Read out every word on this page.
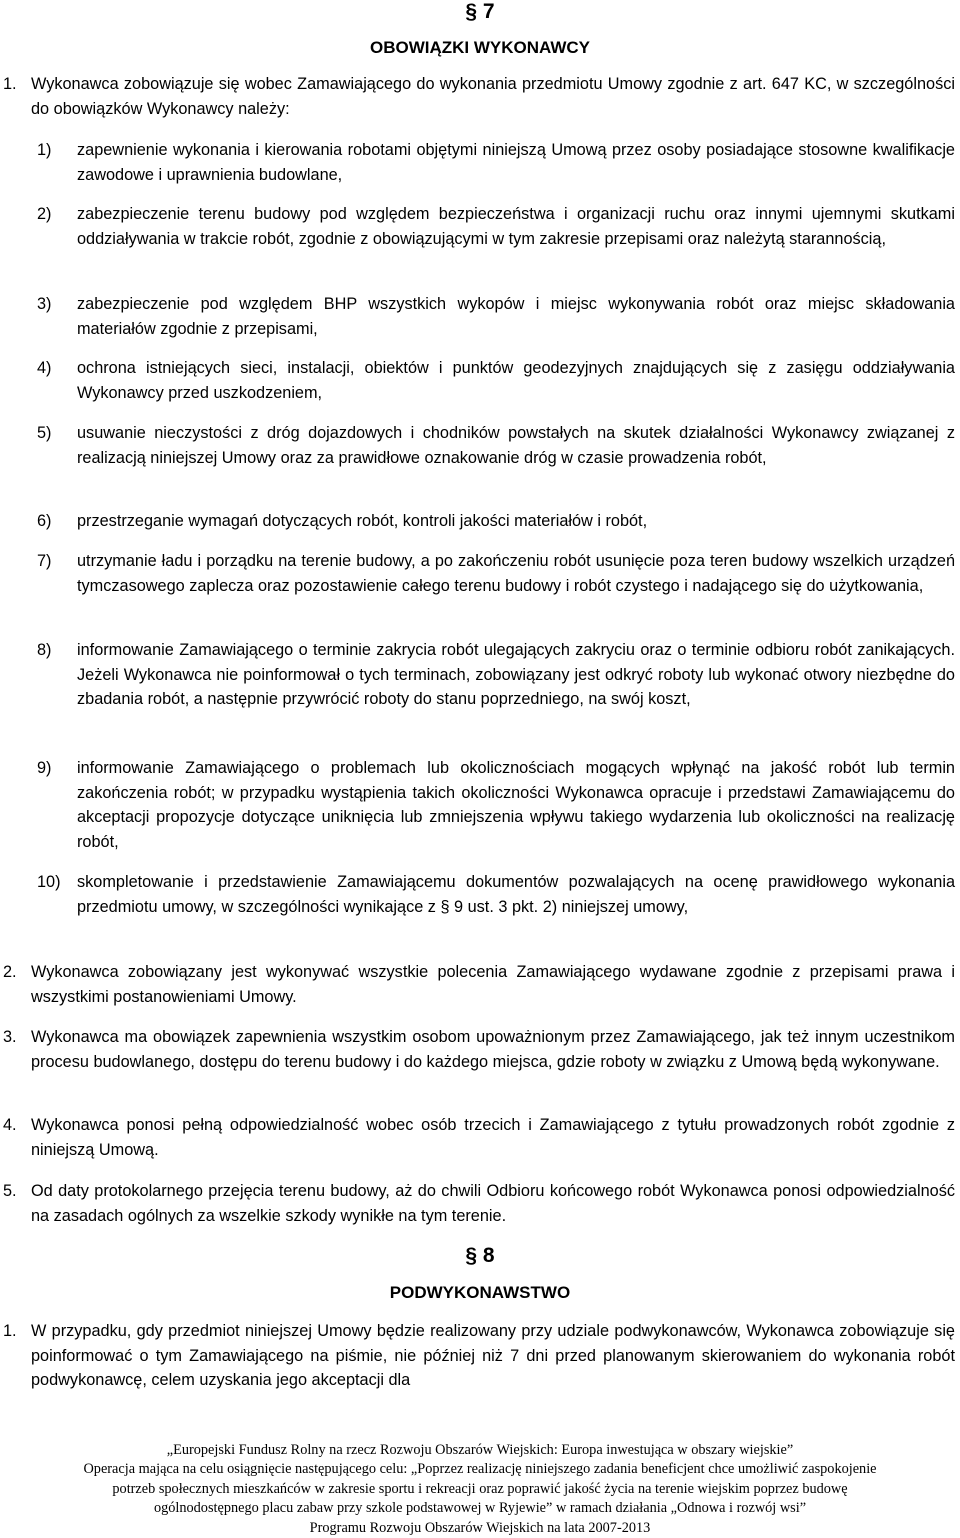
§ 7
OBOWIĄZKI WYKONAWCY
1. Wykonawca zobowiązuje się wobec Zamawiającego do wykonania przedmiotu Umowy zgodnie z art. 647 KC, w szczególności do obowiązków Wykonawcy należy:
1) zapewnienie wykonania i kierowania robotami objętymi niniejszą Umową przez osoby posiadające stosowne kwalifikacje zawodowe i uprawnienia budowlane,
2) zabezpieczenie terenu budowy pod względem bezpieczeństwa i organizacji ruchu oraz innymi ujemnymi skutkami oddziaływania w trakcie robót, zgodnie z obowiązującymi w tym zakresie przepisami oraz należytą starannością,
3) zabezpieczenie pod względem BHP wszystkich wykopów i miejsc wykonywania robót oraz miejsc składowania materiałów zgodnie z przepisami,
4) ochrona istniejących sieci, instalacji, obiektów i punktów geodezyjnych znajdujących się z zasięgu oddziaływania Wykonawcy przed uszkodzeniem,
5) usuwanie nieczystości z dróg dojazdowych i chodników powstałych na skutek działalności Wykonawcy związanej z realizacją niniejszej Umowy oraz za prawidłowe oznakowanie dróg w czasie prowadzenia robót,
6) przestrzeganie wymagań dotyczących robót, kontroli jakości materiałów i robót,
7) utrzymanie ładu i porządku na terenie budowy, a po zakończeniu robót usunięcie poza teren budowy wszelkich urządzeń tymczasowego zaplecza oraz pozostawienie całego terenu budowy i robót czystego i nadającego się do użytkowania,
8) informowanie Zamawiającego o terminie zakrycia robót ulegających zakryciu oraz o terminie odbioru robót zanikających. Jeżeli Wykonawca nie poinformował o tych terminach, zobowiązany jest odkryć roboty lub wykonać otwory niezbędne do zbadania robót, a następnie przywrócić roboty do stanu poprzedniego, na swój koszt,
9) informowanie Zamawiającego o problemach lub okolicznościach mogących wpłynąć na jakość robót lub termin zakończenia robót; w przypadku wystąpienia takich okoliczności Wykonawca opracuje i przedstawi Zamawiającemu do akceptacji propozycje dotyczące uniknięcia lub zmniejszenia wpływu takiego wydarzenia lub okoliczności na realizację robót,
10) skompletowanie i przedstawienie Zamawiającemu dokumentów pozwalających na ocenę prawidłowego wykonania przedmiotu umowy, w szczególności wynikające z § 9 ust. 3 pkt. 2) niniejszej umowy,
2. Wykonawca zobowiązany jest wykonywać wszystkie polecenia Zamawiającego wydawane zgodnie z przepisami prawa i wszystkimi postanowieniami Umowy.
3. Wykonawca ma obowiązek zapewnienia wszystkim osobom upoważnionym przez Zamawiającego, jak też innym uczestnikom procesu budowlanego, dostępu do terenu budowy i do każdego miejsca, gdzie roboty w związku z Umową będą wykonywane.
4. Wykonawca ponosi pełną odpowiedzialność wobec osób trzecich i Zamawiającego z tytułu prowadzonych robót zgodnie z niniejszą Umową.
5. Od daty protokolarnego przejęcia terenu budowy, aż do chwili Odbioru końcowego robót Wykonawca ponosi odpowiedzialność na zasadach ogólnych za wszelkie szkody wynikłe na tym terenie.
§ 8
PODWYKONAWSTWO
1. W przypadku, gdy przedmiot niniejszej Umowy będzie realizowany przy udziale podwykonawców, Wykonawca zobowiązuje się poinformować o tym Zamawiającego na piśmie, nie później niż 7 dni przed planowanym skierowaniem do wykonania robót podwykonawcę, celem uzyskania jego akceptacji dla
„Europejski Fundusz Rolny na rzecz Rozwoju Obszarów Wiejskich: Europa inwestująca w obszary wiejskie”
Operacja mająca na celu osiągnięcie następującego celu: „Poprzez realizację niniejszego zadania beneficjent chce umożliwić zaspokojenie
potrzeb społecznych mieszkańców w zakresie sportu i rekreacji oraz poprawić jakość życia na terenie wiejskim poprzez budowę
ogólnodostępnego placu zabaw przy szkole podstawowej w Ryjewie” w ramach działania „Odnowa i rozwój wsi”
Programu Rozwoju Obszarów Wiejskich na lata 2007-2013
